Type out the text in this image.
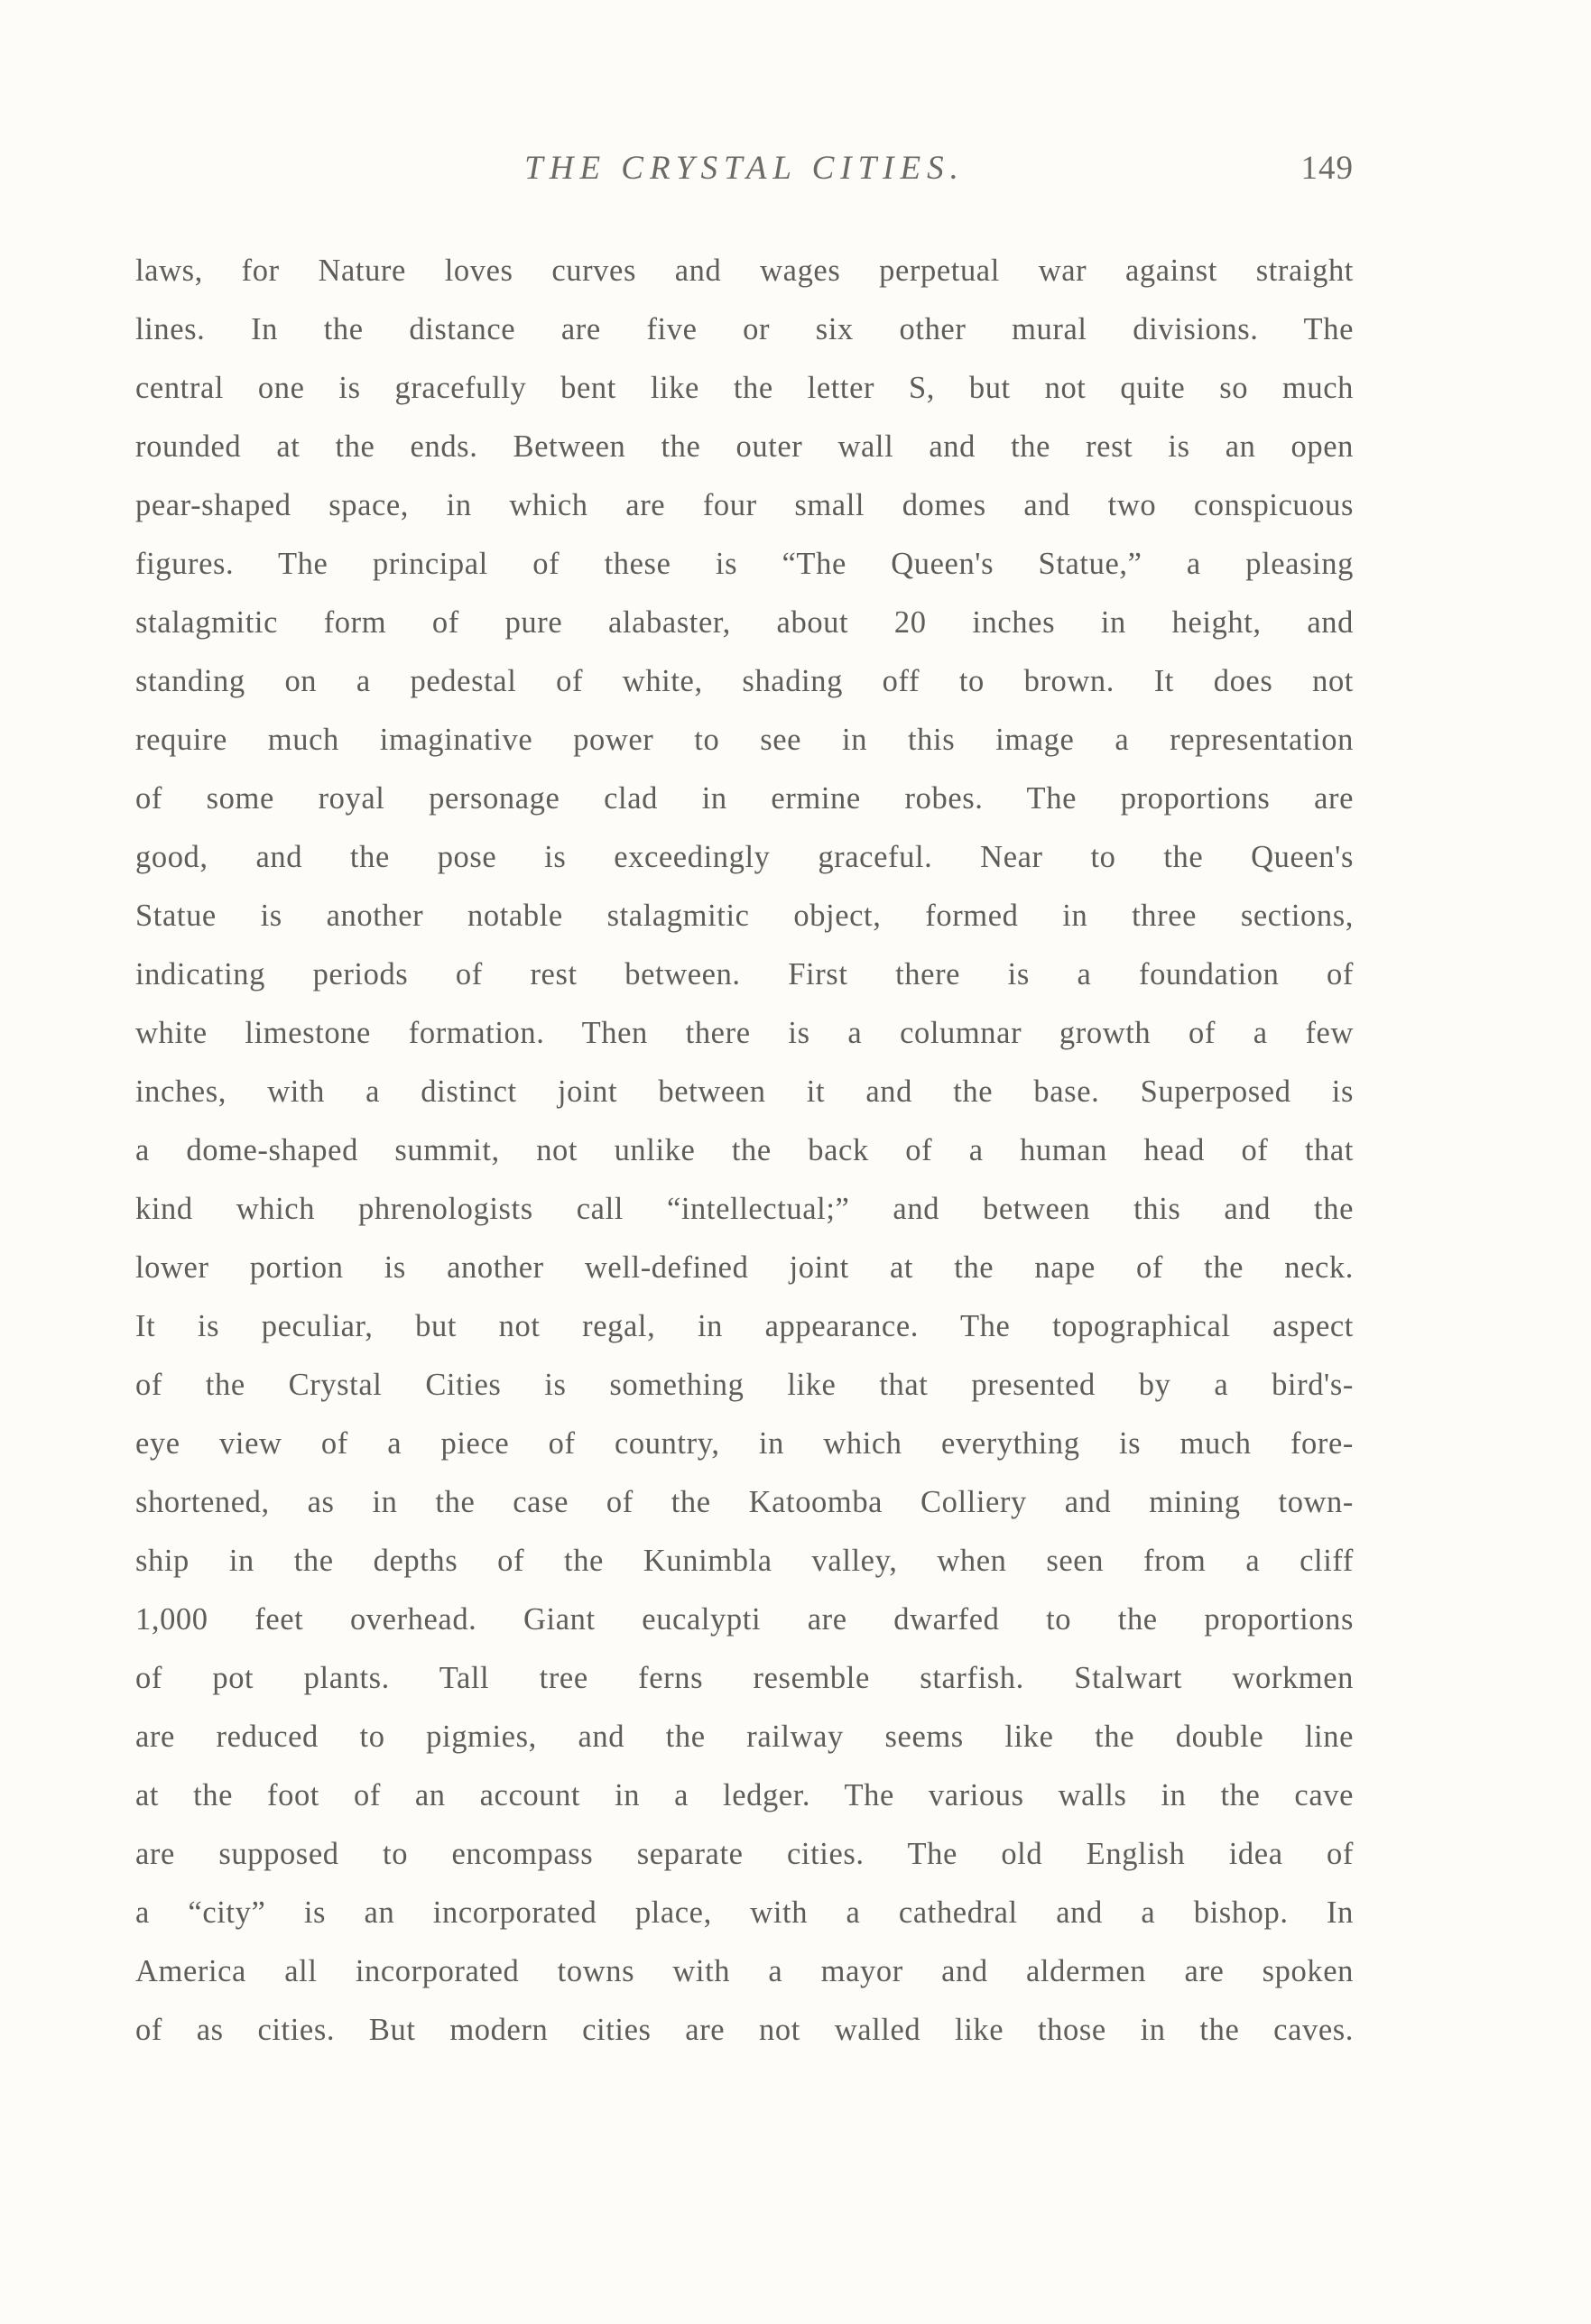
THE CRYSTAL CITIES.	149
laws, for Nature loves curves and wages perpetual war against straight
lines. In the distance are five or six other mural divisions. The
central one is gracefully bent like the letter S, but not quite so much
rounded at the ends. Between the outer wall and the rest is an open
pear-shaped space, in which are four small domes and two conspicuous
figures. The principal of these is “The Queen's Statue,” a pleasing
stalagmitic form of pure alabaster, about 20 inches in height, and
standing on a pedestal of white, shading off to brown. It does not
require much imaginative power to see in this image a representation
of some royal personage clad in ermine robes. The proportions are
good, and the pose is exceedingly graceful. Near to the Queen's
Statue is another notable stalagmitic object, formed in three sections,
indicating periods of rest between. First there is a foundation of
white limestone formation. Then there is a columnar growth of a few
inches, with a distinct joint between it and the base. Superposed is
a dome-shaped summit, not unlike the back of a human head of that
kind which phrenologists call “intellectual;” and between this and the
lower portion is another well-defined joint at the nape of the neck.
It is peculiar, but not regal, in appearance. The topographical aspect
of the Crystal Cities is something like that presented by a bird's-
eye view of a piece of country, in which everything is much fore-
shortened, as in the case of the Katoomba Colliery and mining town-
ship in the depths of the Kunimbla valley, when seen from a cliff
1,000 feet overhead. Giant eucalypti are dwarfed to the proportions
of pot plants. Tall tree ferns resemble starfish. Stalwart workmen
are reduced to pigmies, and the railway seems like the double line
at the foot of an account in a ledger. The various walls in the cave
are supposed to encompass separate cities. The old English idea of
a “city” is an incorporated place, with a cathedral and a bishop. In
America all incorporated towns with a mayor and aldermen are spoken
of as cities. But modern cities are not walled like those in the caves.
